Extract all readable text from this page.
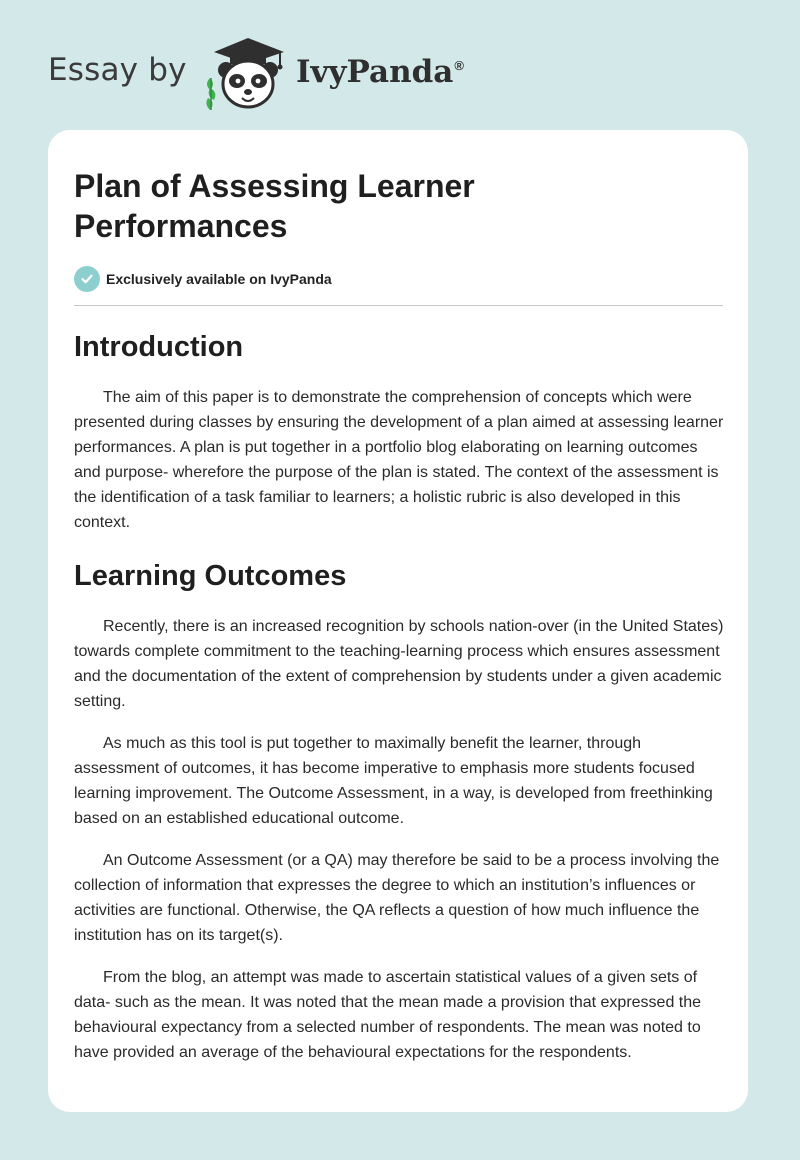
Essay by	IvyPanda®
Plan of Assessing Learner Performances
Exclusively available on IvyPanda
Introduction

The aim of this paper is to demonstrate the comprehension of concepts which were presented during classes by ensuring the development of a plan aimed at assessing learner performances. A plan is put together in a portfolio blog elaborating on learning outcomes and purpose- wherefore the purpose of the plan is stated. The context of the assessment is the identification of a task familiar to learners; a holistic rubric is also developed in this context.

Learning Outcomes

Recently, there is an increased recognition by schools nation-over (in the United States) towards complete commitment to the teaching-learning process which ensures assessment and the documentation of the extent of comprehension by students under a given academic setting.

As much as this tool is put together to maximally benefit the learner, through assessment of outcomes, it has become imperative to emphasis more students focused learning improvement. The Outcome Assessment, in a way, is developed from freethinking based on an established educational outcome.

An Outcome Assessment (or a QA) may therefore be said to be a process involving the collection of information that expresses the degree to which an institution’s influences or activities are functional. Otherwise, the QA reflects a question of how much influence the institution has on its target(s).

From the blog, an attempt was made to ascertain statistical values of a given sets of data- such as the mean. It was noted that the mean made a provision that expressed the behavioural expectancy from a selected number of respondents. The mean was noted to have provided an average of the behavioural expectations for the respondents.
